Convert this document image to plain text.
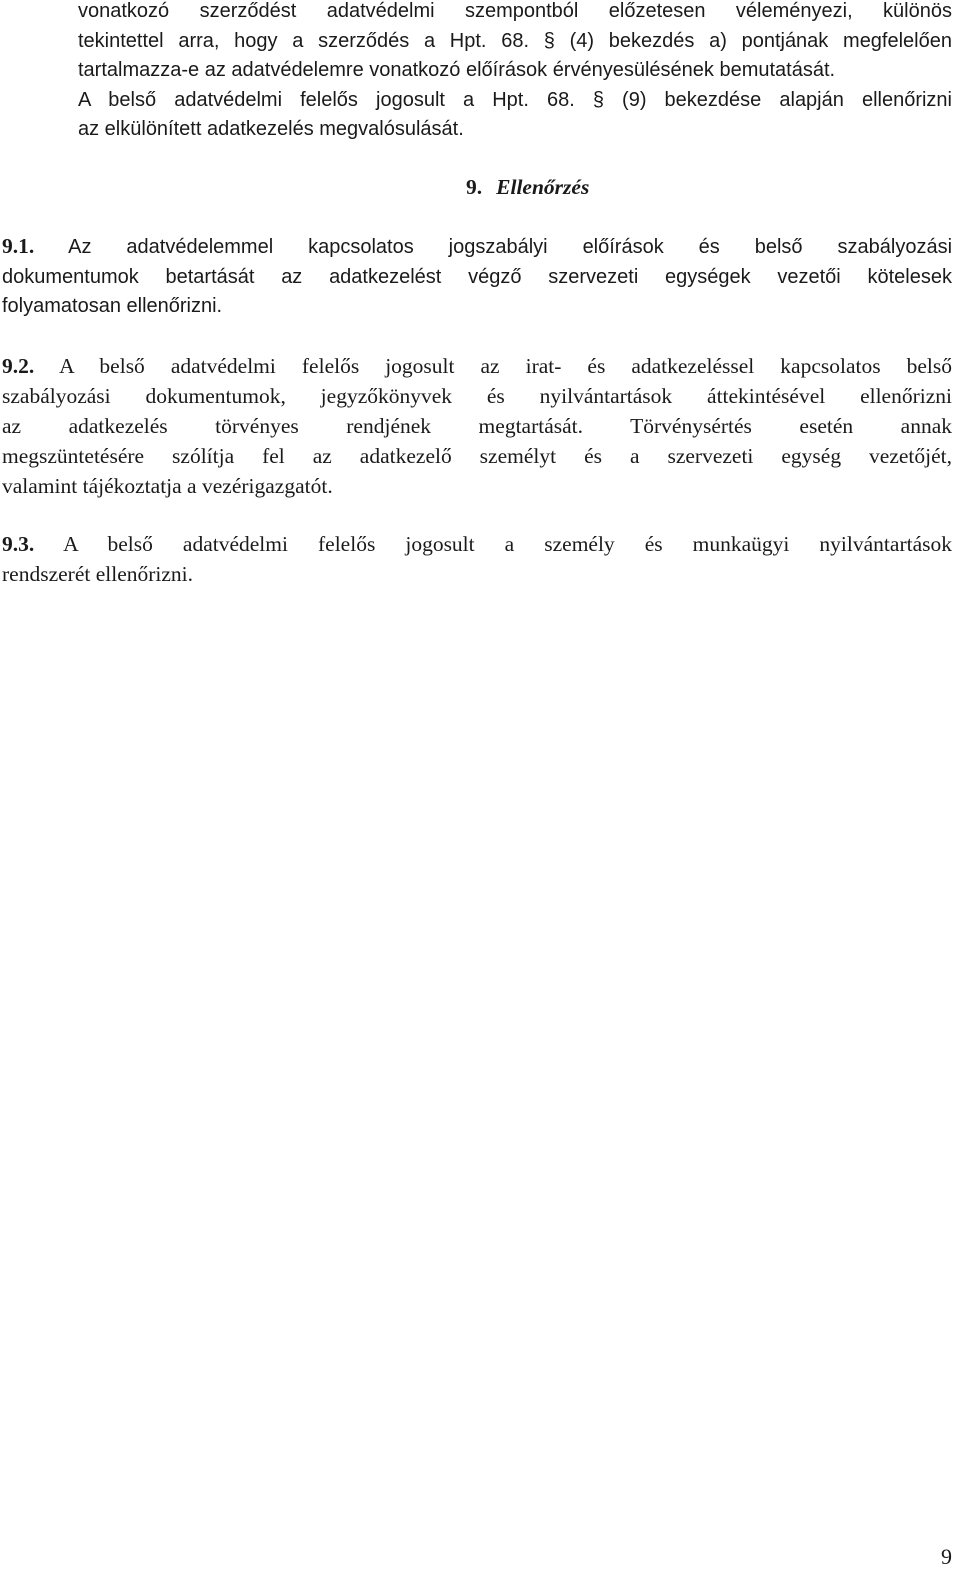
vonatkozó szerződést adatvédelmi szempontból előzetesen véleményezi, különös
tekintettel arra, hogy a szerződés a Hpt. 68. § (4) bekezdés a) pontjának megfelelően
tartalmazza-e az adatvédelemre vonatkozó előírások érvényesülésének bemutatását.
A belső adatvédelmi felelős jogosult a Hpt. 68. § (9) bekezdése alapján ellenőrizni
az elkülönített adatkezelés megvalósulását.
9. Ellenőrzés
9.1. Az adatvédelemmel kapcsolatos jogszabályi előírások és belső szabályozási
dokumentumok betartását az adatkezelést végző szervezeti egységek vezetői kötelesek
folyamatosan ellenőrizni.
9.2. A belső adatvédelmi felelős jogosult az irat- és adatkezeléssel kapcsolatos belső
szabályozási dokumentumok, jegyzőkönyvek és nyilvántartások áttekintésével ellenőrizni
az adatkezelés törvényes rendjének megtartását. Törvénysértés esetén annak
megszüntetésére szólítja fel az adatkezelő személyt és a szervezeti egység vezetőjét,
valamint tájékoztatja a vezérigazgatót.
9.3. A belső adatvédelmi felelős jogosult a személy és munkaügyi nyilvántartások
rendszerét ellenőrizni.

9
